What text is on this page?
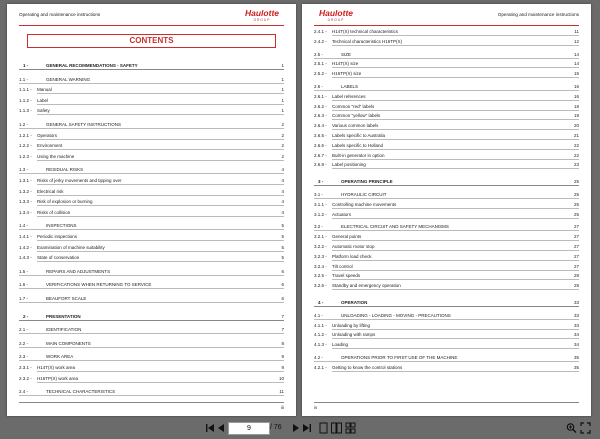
Operating and maintenance instructions	Haulotte
GROUP
CONTENTS
1 -	GENERAL RECOMMENDATIONS - SAFETY	1
1.1 -	GENERAL WARNING	1
1.1.1 - Manual	1
1.1.2 - Label	1
1.1.3 - Safety	1
1.2 -	GENERAL SAFETY INSTRUCTIONS	2
1.2.1 - Operators	2
1.2.2 - Environment	2
1.2.3 - Using the machine	2
1.3 -	RESIDUAL RISKS	4
1.3.1 - Risks of jerky movements and tipping over	4
1.3.2 - Electrical risk	4
1.3.3 - Risk of explosion or burning	4
1.3.4 - Risks of collision	4
1.4 -	INSPECTIONS	5
1.4.1 - Periodic inspections	5
1.4.2 - Examination of machine suitability	5
1.4.3 - State of conservation	5
1.5 -	REPAIRS AND ADJUSTMENTS	6
1.6 -	VERIFICATIONS WHEN RETURNING TO SERVICE	6
1.7 -	BEAUFORT SCALE	6
2 -	PRESENTATION	7
2.1 -	IDENTIFICATION	7
2.2 -	MAIN COMPONENTS	8
2.3 -	WORK AREA	9
2.3.1 - H14T(X) work area	9
2.3.2 - H16TP(X) work area	10
2.4 -	TECHNICAL CHARACTERISTICS	11
iii
Haulotte
GROUP
Operating and maintenance instructions
2.4.1 - H14T(X) technical characteristics	11
2.4.2 - Technical characteristics H16TP(X)	12
2.5 -	SIZE	14
2.5.1 - H14T(X) size	14
2.5.2 - H16TP(X) size	15
2.6 -	LABELS	16
2.6.1 - Label references	16
2.6.2 - Common "red" labels	18
2.6.3 - Common "yellow" labels	19
2.6.4 - Various common labels	20
2.6.5 - Labels specific to Australia	21
2.6.6 - Labels specific to Holland	22
2.6.7 - Built-in generator in option	22
2.6.8 - Label positioning	23
3 -	OPERATING PRINCIPLE	25
3.1 -	HYDRAULIC CIRCUIT	25
3.1.1 - Controlling machine movements	25
3.1.2 - Actuators	25
3.2 -	ELECTRICAL CIRCUIT AND SAFETY MECHANISMS	27
3.2.1 - General points	27
3.2.2 - Automatic motor stop	27
3.2.3 - Platform load check	27
3.2.4 - Tilt control	27
3.2.5 - Travel speeds	28
3.2.6 - Standby and emergency operation	28
4 -	OPERATION	33
4.1 -	UNLOADING - LOADING - MOVING - PRECAUTIONS	33
4.1.1 - Unloading by lifting	33
4.1.2 - Unloading with ramps	34
4.1.3 - Loading	34
4.2 -	OPERATIONS PRIOR TO FIRST USE OF THE MACHINE	35
4.2.1 - Getting to know the control stations	35
iv
9	/ 76
